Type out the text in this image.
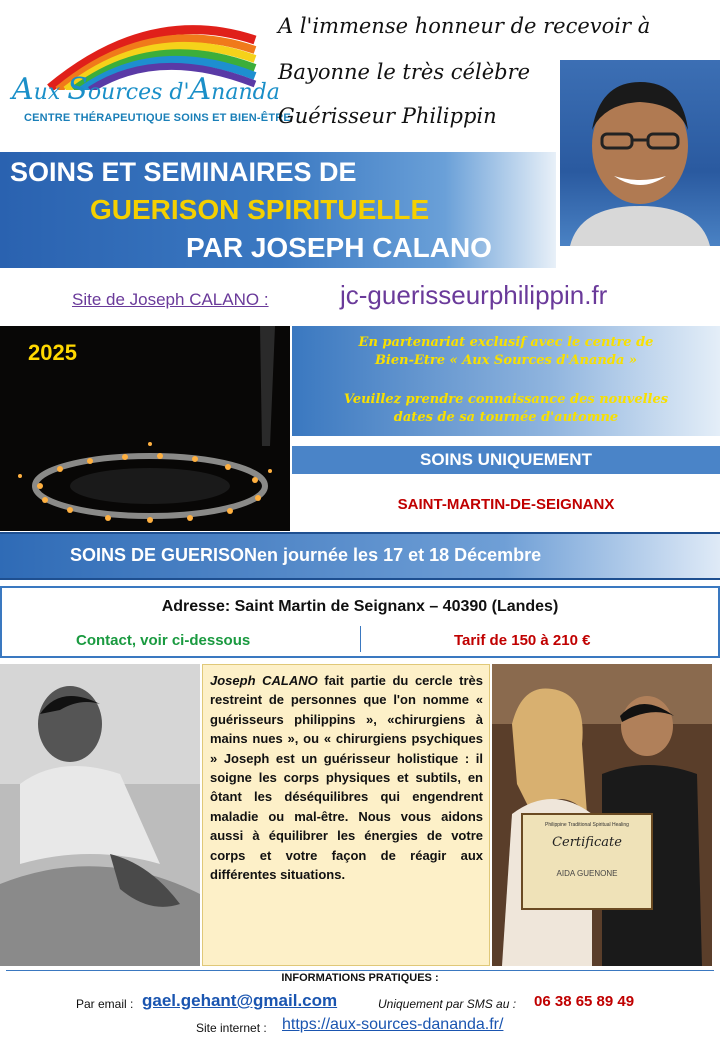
Aux Sources d'Ananda
CENTRE THÉRAPEUTIQUE SOINS ET BIEN-ÊTRE
A l'immense honneur de recevoir à
Bayonne le très célèbre
Guérisseur Philippin
SOINS ET SEMINAIRES DE
GUERISON SPIRITUELLE
PAR JOSEPH CALANO
Site de Joseph CALANO :	jc-guerisseurphilippin.fr
2025	En partenariat exclusif avec le centre de
Bien-Etre « Aux Sources d'Ananda »
Veuillez prendre connaissance des nouvelles
dates de sa tournée d'automne
SOINS UNIQUEMENT
SAINT-MARTIN-DE-SEIGNANX
SOINS DE GUERISONen journée les 17 et 18 Décembre
Adresse: Saint Martin de Seignanx – 40390 (Landes)
Contact, voir ci-dessous	Tarif de 150 à 210 €
Joseph CALANO fait partie du cercle très restreint de personnes que l'on nomme « guérisseurs philippins », «chirurgiens à mains nues », ou « chirurgiens psychiques » Joseph est un guérisseur holistique : il soigne les corps physiques et subtils, en ôtant les déséquilibres qui engendrent maladie ou mal-être. Nous vous aidons aussi à équilibrer les énergies de votre corps et votre façon de réagir aux différentes situations.
Philippine Traditional Spiritual Healing
Certificate
AIDA GUENONE
INFORMATIONS PRATIQUES :
Par email : gael.gehant@gmail.com	Uniquement par SMS au : 06 38 65 89 49
Site internet : https://aux-sources-dananda.fr/
